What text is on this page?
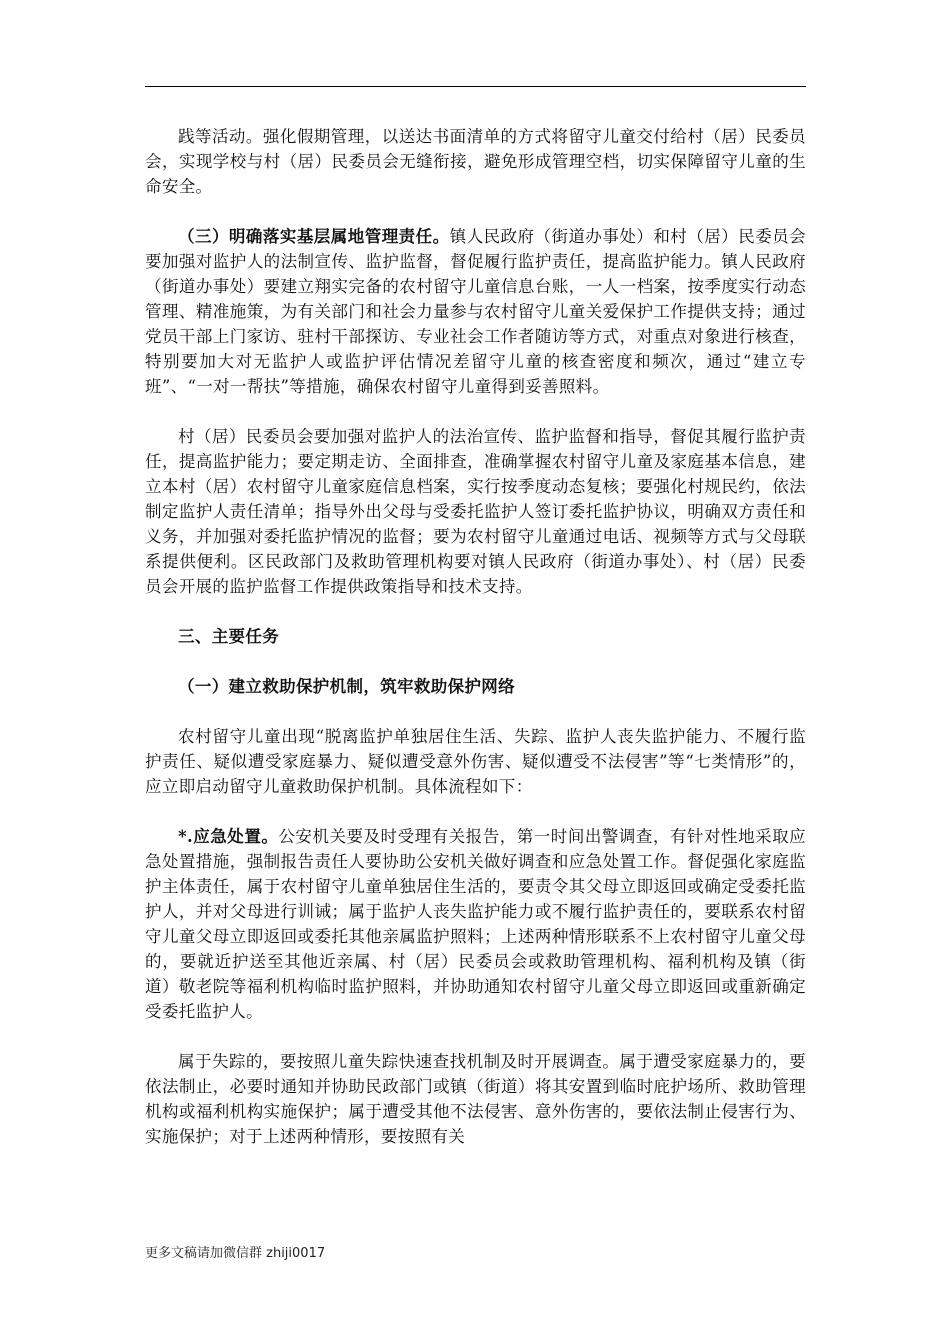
践等活动。强化假期管理，以送达书面清单的方式将留守儿童交付给村（居）民委员会，实现学校与村（居）民委员会无缝衔接，避免形成管理空档，切实保障留守儿童的生命安全。

（三）明确落实基层属地管理责任。镇人民政府（街道办事处）和村（居）民委员会要加强对监护人的法制宣传、监护监督，督促履行监护责任，提高监护能力。镇人民政府（街道办事处）要建立翔实完备的农村留守儿童信息台账，一人一档案，按季度实行动态管理、精准施策，为有关部门和社会力量参与农村留守儿童关爱保护工作提供支持；通过党员干部上门家访、驻村干部探访、专业社会工作者随访等方式，对重点对象进行核查，特别要加大对无监护人或监护评估情况差留守儿童的核查密度和频次，通过“建立专班”、“一对一帮扶”等措施，确保农村留守儿童得到妥善照料。

村（居）民委员会要加强对监护人的法治宣传、监护监督和指导，督促其履行监护责任，提高监护能力；要定期走访、全面排查，准确掌握农村留守儿童及家庭基本信息，建立本村（居）农村留守儿童家庭信息档案，实行按季度动态复核；要强化村规民约，依法制定监护人责任清单；指导外出父母与受委托监护人签订委托监护协议，明确双方责任和义务，并加强对委托监护情况的监督；要为农村留守儿童通过电话、视频等方式与父母联系提供便利。区民政部门及救助管理机构要对镇人民政府（街道办事处）、村（居）民委员会开展的监护监督工作提供政策指导和技术支持。

三、主要任务

（一）建立救助保护机制，筑牢救助保护网络

农村留守儿童出现“脱离监护单独居住生活、失踪、监护人丧失监护能力、不履行监护责任、疑似遭受家庭暴力、疑似遭受意外伤害、疑似遭受不法侵害”等“七类情形”的，应立即启动留守儿童救助保护机制。具体流程如下：

*.应急处置。公安机关要及时受理有关报告，第一时间出警调查，有针对性地采取应急处置措施，强制报告责任人要协助公安机关做好调查和应急处置工作。督促强化家庭监护主体责任，属于农村留守儿童单独居住生活的，要责令其父母立即返回或确定受委托监护人，并对父母进行训诫；属于监护人丧失监护能力或不履行监护责任的，要联系农村留守儿童父母立即返回或委托其他亲属监护照料；上述两种情形联系不上农村留守儿童父母的，要就近护送至其他近亲属、村（居）民委员会或救助管理机构、福利机构及镇（街道）敬老院等福利机构临时监护照料，并协助通知农村留守儿童父母立即返回或重新确定受委托监护人。

属于失踪的，要按照儿童失踪快速查找机制及时开展调查。属于遭受家庭暴力的，要依法制止，必要时通知并协助民政部门或镇（街道）将其安置到临时庇护场所、救助管理机构或福利机构实施保护；属于遭受其他不法侵害、意外伤害的，要依法制止侵害行为、实施保护；对于上述两种情形，要按照有关

更多文稿请加微信群 zhiji0017
